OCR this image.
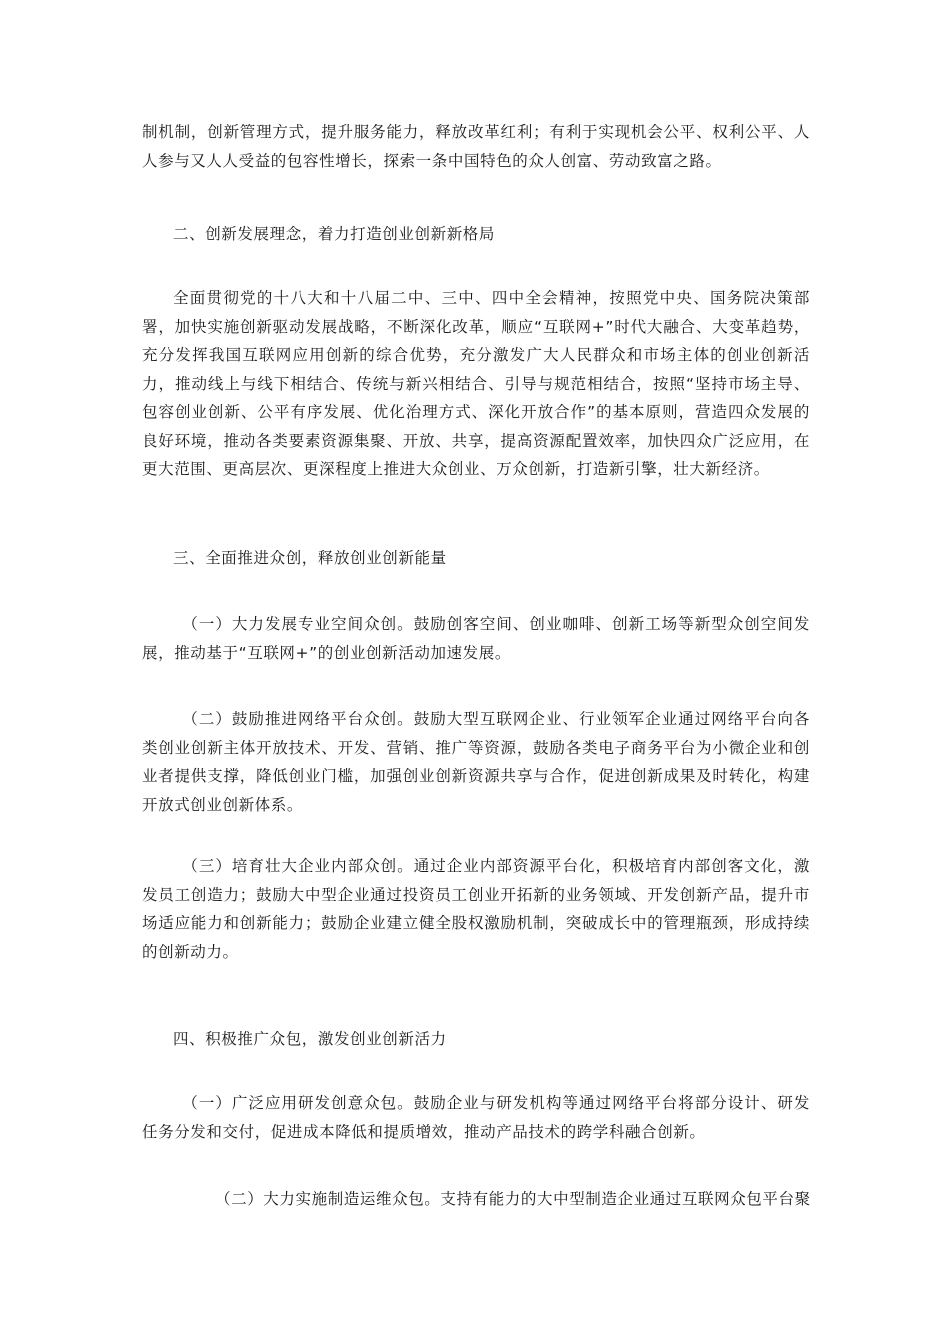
制机制，创新管理方式，提升服务能力，释放改革红利；有利于实现机会公平、权利公平、人人参与又人人受益的包容性增长，探索一条中国特色的众人创富、劳动致富之路。

二、创新发展理念，着力打造创业创新新格局

全面贯彻党的十八大和十八届二中、三中、四中全会精神，按照党中央、国务院决策部署，加快实施创新驱动发展战略，不断深化改革，顺应“互联网+”时代大融合、大变革趋势，充分发挥我国互联网应用创新的综合优势，充分激发广大人民群众和市场主体的创业创新活力，推动线上与线下相结合、传统与新兴相结合、引导与规范相结合，按照“坚持市场主导、包容创业创新、公平有序发展、优化治理方式、深化开放合作”的基本原则，营造四众发展的良好环境，推动各类要素资源集聚、开放、共享，提高资源配置效率，加快四众广泛应用，在更大范围、更高层次、更深程度上推进大众创业、万众创新，打造新引擎，壮大新经济。

三、全面推进众创，释放创业创新能量

（一）大力发展专业空间众创。鼓励创客空间、创业咖啡、创新工场等新型众创空间发展，推动基于“互联网+”的创业创新活动加速发展。

（二）鼓励推进网络平台众创。鼓励大型互联网企业、行业领军企业通过网络平台向各类创业创新主体开放技术、开发、营销、推广等资源，鼓励各类电子商务平台为小微企业和创业者提供支撑，降低创业门槛，加强创业创新资源共享与合作，促进创新成果及时转化，构建开放式创业创新体系。

（三）培育壮大企业内部众创。通过企业内部资源平台化，积极培育内部创客文化，激发员工创造力；鼓励大中型企业通过投资员工创业开拓新的业务领域、开发创新产品，提升市场适应能力和创新能力；鼓励企业建立健全股权激励机制，突破成长中的管理瓶颈，形成持续的创新动力。

四、积极推广众包，激发创业创新活力

（一）广泛应用研发创意众包。鼓励企业与研发机构等通过网络平台将部分设计、研发任务分发和交付，促进成本降低和提质增效，推动产品技术的跨学科融合创新。

（二）大力实施制造运维众包。支持有能力的大中型制造企业通过互联网众包平台聚
